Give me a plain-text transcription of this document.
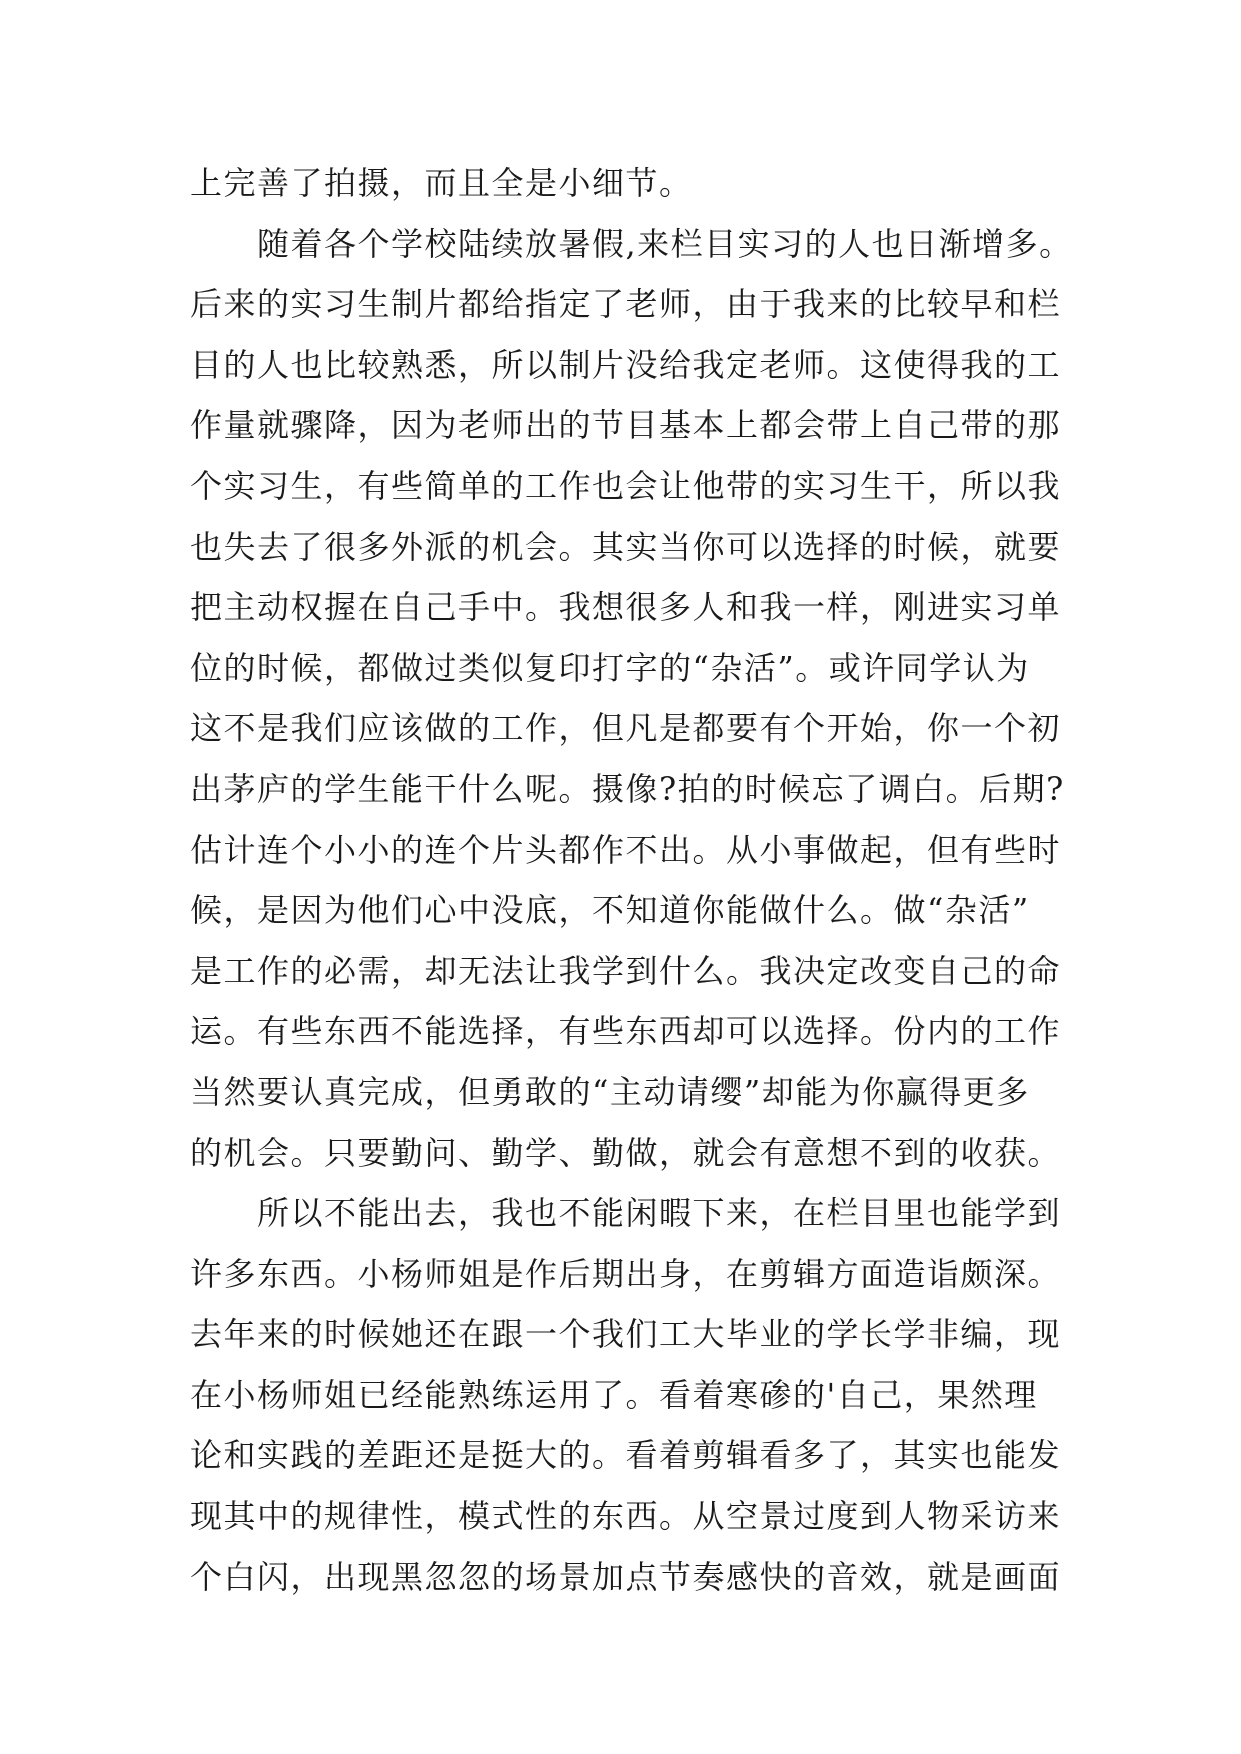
上完善了拍摄，而且全是小细节。
　　随着各个学校陆续放暑假,来栏目实习的人也日渐增多。
后来的实习生制片都给指定了老师，由于我来的比较早和栏
目的人也比较熟悉，所以制片没给我定老师。这使得我的工
作量就骤降，因为老师出的节目基本上都会带上自己带的那
个实习生，有些简单的工作也会让他带的实习生干，所以我
也失去了很多外派的机会。其实当你可以选择的时候，就要
把主动权握在自己手中。我想很多人和我一样，刚进实习单
位的时候，都做过类似复印打字的“杂活”。或许同学认为
这不是我们应该做的工作，但凡是都要有个开始，你一个初
出茅庐的学生能干什么呢。摄像?拍的时候忘了调白。后期?
估计连个小小的连个片头都作不出。从小事做起，但有些时
候，是因为他们心中没底，不知道你能做什么。做“杂活”
是工作的必需，却无法让我学到什么。我决定改变自己的命
运。有些东西不能选择，有些东西却可以选择。份内的工作
当然要认真完成，但勇敢的“主动请缨”却能为你赢得更多
的机会。只要勤问、勤学、勤做，就会有意想不到的收获。
　　所以不能出去，我也不能闲暇下来，在栏目里也能学到
许多东西。小杨师姐是作后期出身，在剪辑方面造诣颇深。
去年来的时候她还在跟一个我们工大毕业的学长学非编，现
在小杨师姐已经能熟练运用了。看着寒碜的'自己，果然理
论和实践的差距还是挺大的。看着剪辑看多了，其实也能发
现其中的规律性，模式性的东西。从空景过度到人物采访来
个白闪，出现黑忽忽的场景加点节奏感快的音效，就是画面
